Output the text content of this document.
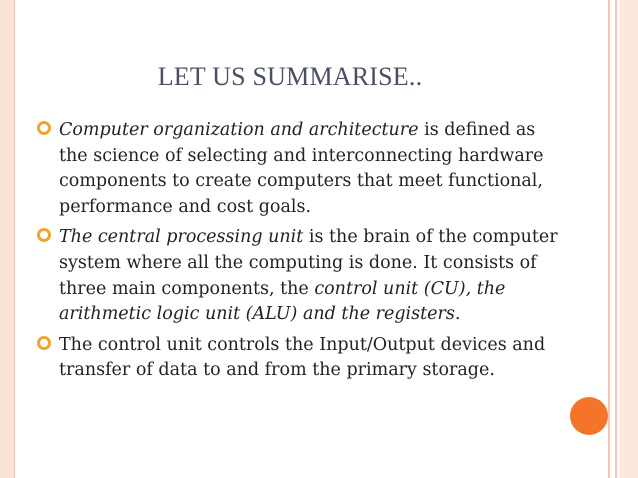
LET US SUMMARISE..
Computer organization and architecture is defined as the science of selecting and interconnecting hardware components to create computers that meet functional, performance and cost goals.
The central processing unit is the brain of the computer system where all the computing is done. It consists of three main components, the control unit (CU), the arithmetic logic unit (ALU) and the registers.
The control unit controls the Input/Output devices and transfer of data to and from the primary storage.
